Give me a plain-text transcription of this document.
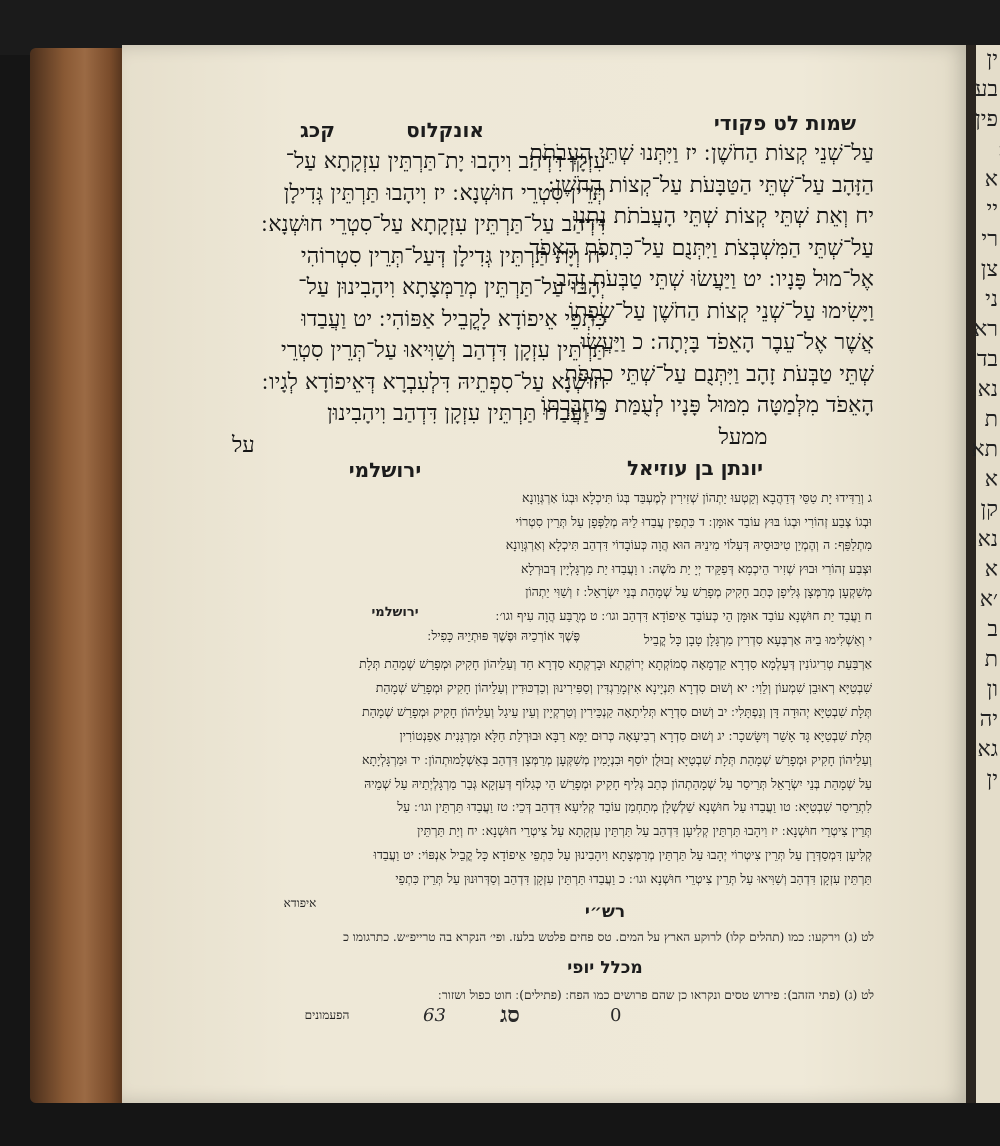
ין
בע
פין
א
יי
רי
צן
ני
רא
בד
נא
ת
תא
א
קן
נא
א
׳א
ב
ת
ון
יה
גא
ין
קכג	אונקלוס	שמות לט פקודי
עִזְקָן דִּדְהַב וִיהָבוּ יָת־תַּרְתֵּין עִזְקָתָא עַל־
תְּרֵין סִטְרֵי חוּשְׁנָא ׃ יז וִיהָבוּ תַּרְתֵּין גְּדִילָן
דִּדְהַב עַל־תַּרְתֵּין עִזְקָתָא עַל־סִטְרֵי חוּשְׁנָא ׃
יח וְיָת תַּרְתֵּין גְּדִילָן דְּעַל־תְּרֵין סִטְרוֹהִי
יְהָבוּ עַל־תַּרְתֵּין מְרַמְּצָתָא וִיהָבִינוּן עַל־
כִּתְפֵי אֵיפוֹדָא לָקֳבֵיל אַפּוֹהִי ׃ יט וַעֲבַדוּ
תַּרְתֵּין עִזְקָן דִּדְהַב וְשַׁוִּיאוּ עַל־תְּרֵין סִטְרֵי
חוּשְׁנָא עַל־סִפְתֵיהּ דִּלְעִבְרָא דְּאֵיפוֹדָא לְגָיו ׃
כ וַעֲבַדוּ תַּרְתֵּין עִזְקָן דִּדְהַב וִיהָבִינוּן
על
עַל־שְׁנֵי קְצוֹת הַחֹשֶׁן ׃ יז וַיִּתְּנוּ שְׁתֵּי הָעֲבֹתֹת
הַזָּהָב עַל־שְׁתֵּי הַטַּבָּעֹת עַל־קְצוֹת הַחֹשֶׁן ׃
יח וְאֵת שְׁתֵּי קְצוֹת שְׁתֵּי הָעֲבֹתֹת נָתְנוּ
עַל־שְׁתֵּי הַמִּשְׁבְּצֹת וַיִּתְּנֻם עַל־כִּתְפֹת הָאֵפֹד
אֶל־מוּל פָּנָיו ׃ יט וַיַּעֲשׂוּ שְׁתֵּי טַבְּעֹת זָהָב
וַיָּשִׂימוּ עַל־שְׁנֵי קְצוֹת הַחֹשֶׁן עַל־שְׂפָתוֹ
אֲשֶׁר אֶל־עֵבֶר הָאֵפֹד בָּיְתָה ׃ כ וַיַּעֲשׂוּ
שְׁתֵּי טַבְּעֹת זָהָב וַיִּתְּנֻם עַל־שְׁתֵּי כִתְפֹת
הָאֵפֹד מִלְּמַטָּה מִמּוּל פָּנָיו לְעֻמַּת מַחְבַּרְתּוֹ
ממעל
ירושלמי	יונתן בן עוזיאל
ג וְרַדִּידוּ יָת טַסֵּי דְּדַהֲבָא וְקַטְעוּ יַתְהוֹן שְׁזִירִין לְמֶעְבַּד בְּגוֹ תִּיכְלָא וּבְגוֹ אַרְגְּוָונָא
וּבְגוֹ צְבַע זְהוֹרִי וּבְגוֹ בּוּץ עוֹבַד אוּמָּן ׃ ד כִּתְפִין עֲבַדוּ לֵיהּ מְלַפְּפָן עַל תְּרֵין סִטְרוֹי
מִתְלַפַּף ׃ ה וְהֶמְיַן טִיכּוּסֵיהּ דְּעִלוֹי מִינֵיהּ הוּא הֲוָה כְּעוֹבָדוֹי דִּדְהַב תִּיכְלָא וְאַרְגְּוָונָא
וּצְבַע זְהוֹרִי וּבוּץ שְׁזִיר הֵיכְמָא דְּפַקֵּיד יְיָ יַת מֹשֶׁה ׃ ו וַעֲבַדוּ יַת מַרְגָּלְיָין דְּבוּרְלָא
מְשַׁקְעָן מְרַמְּצָן גְּלִיפָן כְּתַב חָקִיק מְפָרַשׁ עַל שְׁמָהַת בְּנֵי יִשְׂרָאֵל ׃ ז וְשַׁוִּי יַתְהוֹן
ח וַעֲבַד יַת חוּשְׁנָא עוֹבַד אוּמָּן הֵי כְּעוֹבַד אֵיפוֹדָא דִּדְהַב וגו׳ ׃ ט מְרֻבַּע הֲוָה עִיף וגו׳ ׃
י וְאַשְׁלִימוּ בֵיהּ אַרְבְּעָא סִדְרִין מַרְגָּלָן טָבָן כָּל קֳבֵיל
ירושלמי
פֶּשֶׁךְ אוֹרְכֵיהּ וּפֶשֶׁךְ פּוּתְיֵיהּ כָּפִיל ׃
אַרְבַּעַת טְרִיגוֹנִין דְּעָלְמָא סִדְרָא קַדְמָאָה סְמוֹקְתָא יְרוֹקְתָא וּבָרְקְתָא סִדְרָא חַד וְעַלֵיהוֹן חָקִיק וּמְפָרַשׁ שְׁמָהַת תְּלָת
שִׁבְטַיָּא רְאוּבֵן שִׁמְעוֹן וְלֵוִי ׃ יא וְשׁוּם סִדְרָא תִּנְיָינָא אִיזְמָרַגְדִּין וְסַפִּירִינוּן וְכַדְכּוּדִין וְעַלֵיהוֹן חָקִיק וּמְפָרַשׁ שְׁמָהַת
תְּלָת שִׁבְטַיָּא יְהוּדָה דָּן וְנַפְתָּלִי ׃ יב וְשׁוּם סִדְרָא תְּלִיתָאָה קַנְכֵּירִין וְטַרְקְיָין וְעֵין עֵיגַל וְעַלֵיהוֹן חָקִיק וּמְפָרַשׁ שְׁמָהַת
תְּלָת שִׁבְטַיָּא גָּד אָשֵׁר וְיִשָּׂשכָר ׃ יג וְשׁוּם סִדְרָא רְבִיעָאָה כְּרוּם יַמָּא רַבָּא וּבוּרְלַת חַלָּא וּמַרְגָּנִית אַפַנְטוֹרִין
וְעַלֵיהוֹן חָקִיק וּמְפָרַשׁ שְׁמָהַת תְּלָת שִׁבְטַיָּא זְבוּלֻן יוֹסֵף וּבִנְיָמִין מְשַׁקְּעָן מְרַמְּצָן דִּדְהַב בְּאַשְׁלָמוּתְהוֹן ׃ יד וּמַרְגָּלְיָתָא
עַל שְׁמָהַת בְּנֵי יִשְׂרָאֵל תְּרֵיסַר עַל שְׁמָהַתְהוֹן כְּתַב גְּלִיף חָקִיק וּמְפָרַשׁ הֵי כְּגִלוֹף דְּעִזְקָא גְּבַר מַרְגָּלְיְתֵיהּ עַל שְׁמֵיהּ
לִתְרֵיסַר שִׁבְטַיָּא ׃ טו וַעֲבַדוּ עַל חוּשְׁנָא שַׁלְשְׁלָן מְתַחְמַן עוֹבַד קְלִיעָא דִּדְהַב דְּכֵי ׃ טז וַעֲבַדוּ תַּרְתֵּין וגו׳ ׃ עַל
תְּרֵין צִיטְרֵי חוּשְׁנָא ׃ יז וִיהָבוּ תַּרְתֵּין קְלִיעָן דִּדְהַב עַל תַּרְתֵּין עִזְקָתָא עַל צִיטְרֵי חוּשְׁנָא ׃ יח וְיַת תַּרְתֵּין
קְלִיעָן דִּמְסַדְּרָן עַל תְּרֵין צִיטְרוֹי יְהָבוּ עַל תַּרְתֵּין מְרַמְּצָתָא וִיהָבִינוּן עַל כִּתְפֵי אֵיפוֹדָא כָּל קֳבֵיל אַנְפּוֹי ׃ יט וַעֲבַדוּ
תַּרְתֵּין עִזְקָן דִּדְהַב וְשַׁוִּיאוּ עַל תְּרֵין צִיטְרֵי חוּשְׁנָא וגו׳ ׃ כ וַעֲבַדוּ תַּרְתֵּין עִזְקָן דִּדְהַב וְסַדְּרוּנוּן עַל תְּרֵין כִּתְפֵי
איפודא	רש״י
לט (ג) וירקעו ׃ כמו (תהלים קלו) לרוקע הארץ על המים. טס פחים פלטש בלעז. ופי׳ הנקרא בה טרייפ״ש. כתרגומו כ
מכלל יופי
לט (ג) (פתי הזהב) ׃ פירוש טסים ונקראו כן שהם פרושים כמו הפח ׃ (פתילים) ׃ חוט כפול ושזור ׃
הפעמונים	63 סג	0
